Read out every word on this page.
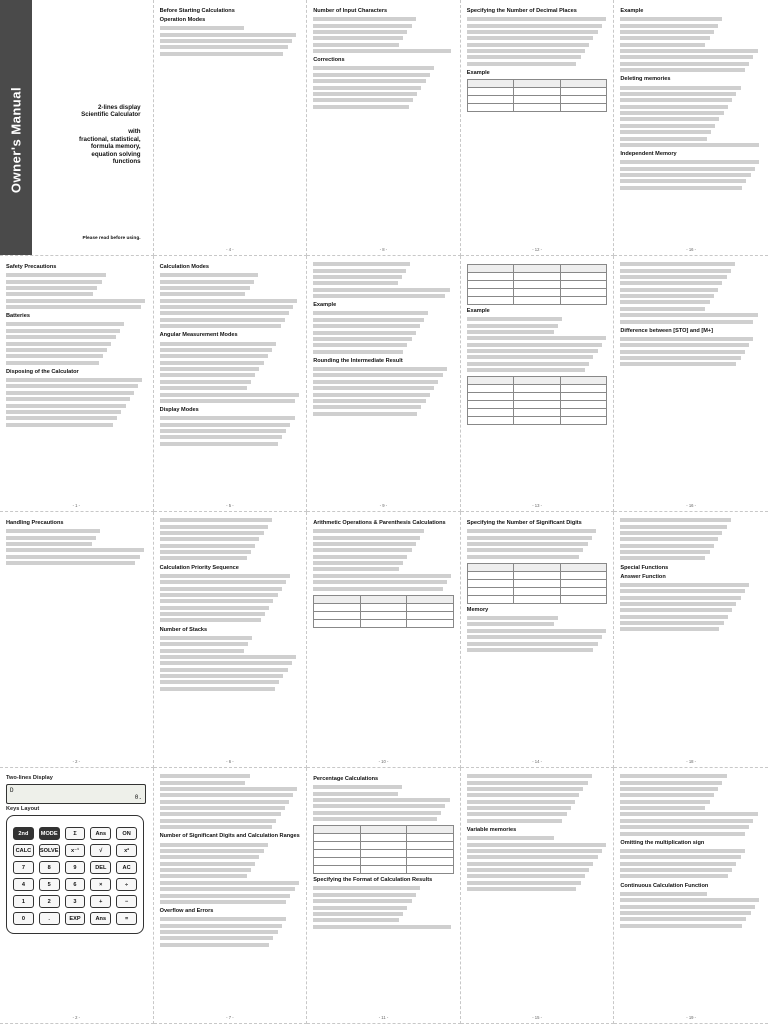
Owner's Manual	2-lines display
Scientific Calculator
with
fractional, statistical,
formula memory,
equation solving
functions
Please read before using.
Before Starting Calculations
Operation Modes
- 4 -
Number of Input Characters
Corrections
- 8 -
Specifying the Number of Decimal Places
Example

- 12 -
Example
Deleting memories
Independent Memory
- 16 -
Safety Precautions
Batteries
Disposing of the Calculator
- 1 -
Calculation Modes
Angular Measurement Modes
Display Modes
- 5 -
Example
Rounding the Intermediate Result
- 9 -

Example

- 13 -
Difference between [STO] and [M+]
- 16 -
Handling Precautions
- 2 -
Calculation Priority Sequence
Number of Stacks
- 6 -
Arithmetic Operations & Parenthesis Calculations

- 10 -
Specifying the Number of Significant Digits

Memory
- 14 -
Special Functions
Answer Function
- 18 -
Two-lines Display
D
0.
Keys Layout
2nd	MODE	Σ	Ans	ON
CALC	SOLVE	x⁻¹	√	x²
7	8	9	DEL	AC
4	5	6	×	÷
1	2	3	+	−
0	.	EXP	Ans	=
- 2 -
Number of Significant Digits and Calculation Ranges
Overflow and Errors
- 7 -
Percentage Calculations

Specifying the Format of Calculation Results
- 11 -
Variable memories
- 15 -
Omitting the multiplication sign
Continuous Calculation Function
- 19 -
